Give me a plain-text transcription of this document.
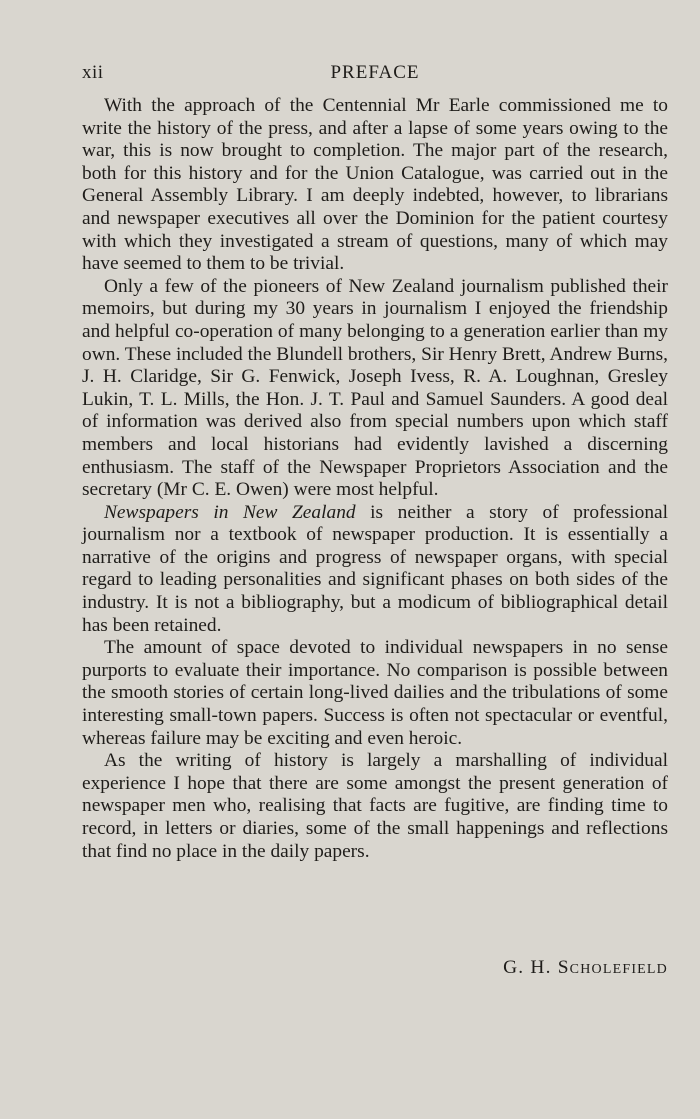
xii	PREFACE

With the approach of the Centennial Mr Earle commissioned me to write the history of the press, and after a lapse of some years owing to the war, this is now brought to completion. The major part of the research, both for this history and for the Union Catalogue, was carried out in the General Assembly Library. I am deeply indebted, however, to librarians and newspaper executives all over the Dominion for the patient courtesy with which they investigated a stream of questions, many of which may have seemed to them to be trivial.

Only a few of the pioneers of New Zealand journalism published their memoirs, but during my 30 years in journalism I enjoyed the friendship and helpful co-operation of many belonging to a generation earlier than my own. These included the Blundell brothers, Sir Henry Brett, Andrew Burns, J. H. Claridge, Sir G. Fenwick, Joseph Ivess, R. A. Loughnan, Gresley Lukin, T. L. Mills, the Hon. J. T. Paul and Samuel Saunders. A good deal of information was derived also from special numbers upon which staff members and local historians had evidently lavished a discerning enthusiasm. The staff of the Newspaper Proprietors Association and the secretary (Mr C. E. Owen) were most helpful.

Newspapers in New Zealand is neither a story of professional journalism nor a textbook of newspaper production. It is essentially a narrative of the origins and progress of newspaper organs, with special regard to leading personalities and significant phases on both sides of the industry. It is not a bibliography, but a modicum of bibliographical detail has been retained.

The amount of space devoted to individual newspapers in no sense purports to evaluate their importance. No comparison is possible between the smooth stories of certain long-lived dailies and the tribulations of some interesting small-town papers. Success is often not spectacular or eventful, whereas failure may be exciting and even heroic.

As the writing of history is largely a marshalling of individual experience I hope that there are some amongst the present generation of newspaper men who, realising that facts are fugitive, are finding time to record, in letters or diaries, some of the small happenings and reflections that find no place in the daily papers.

G. H. Scholefield
